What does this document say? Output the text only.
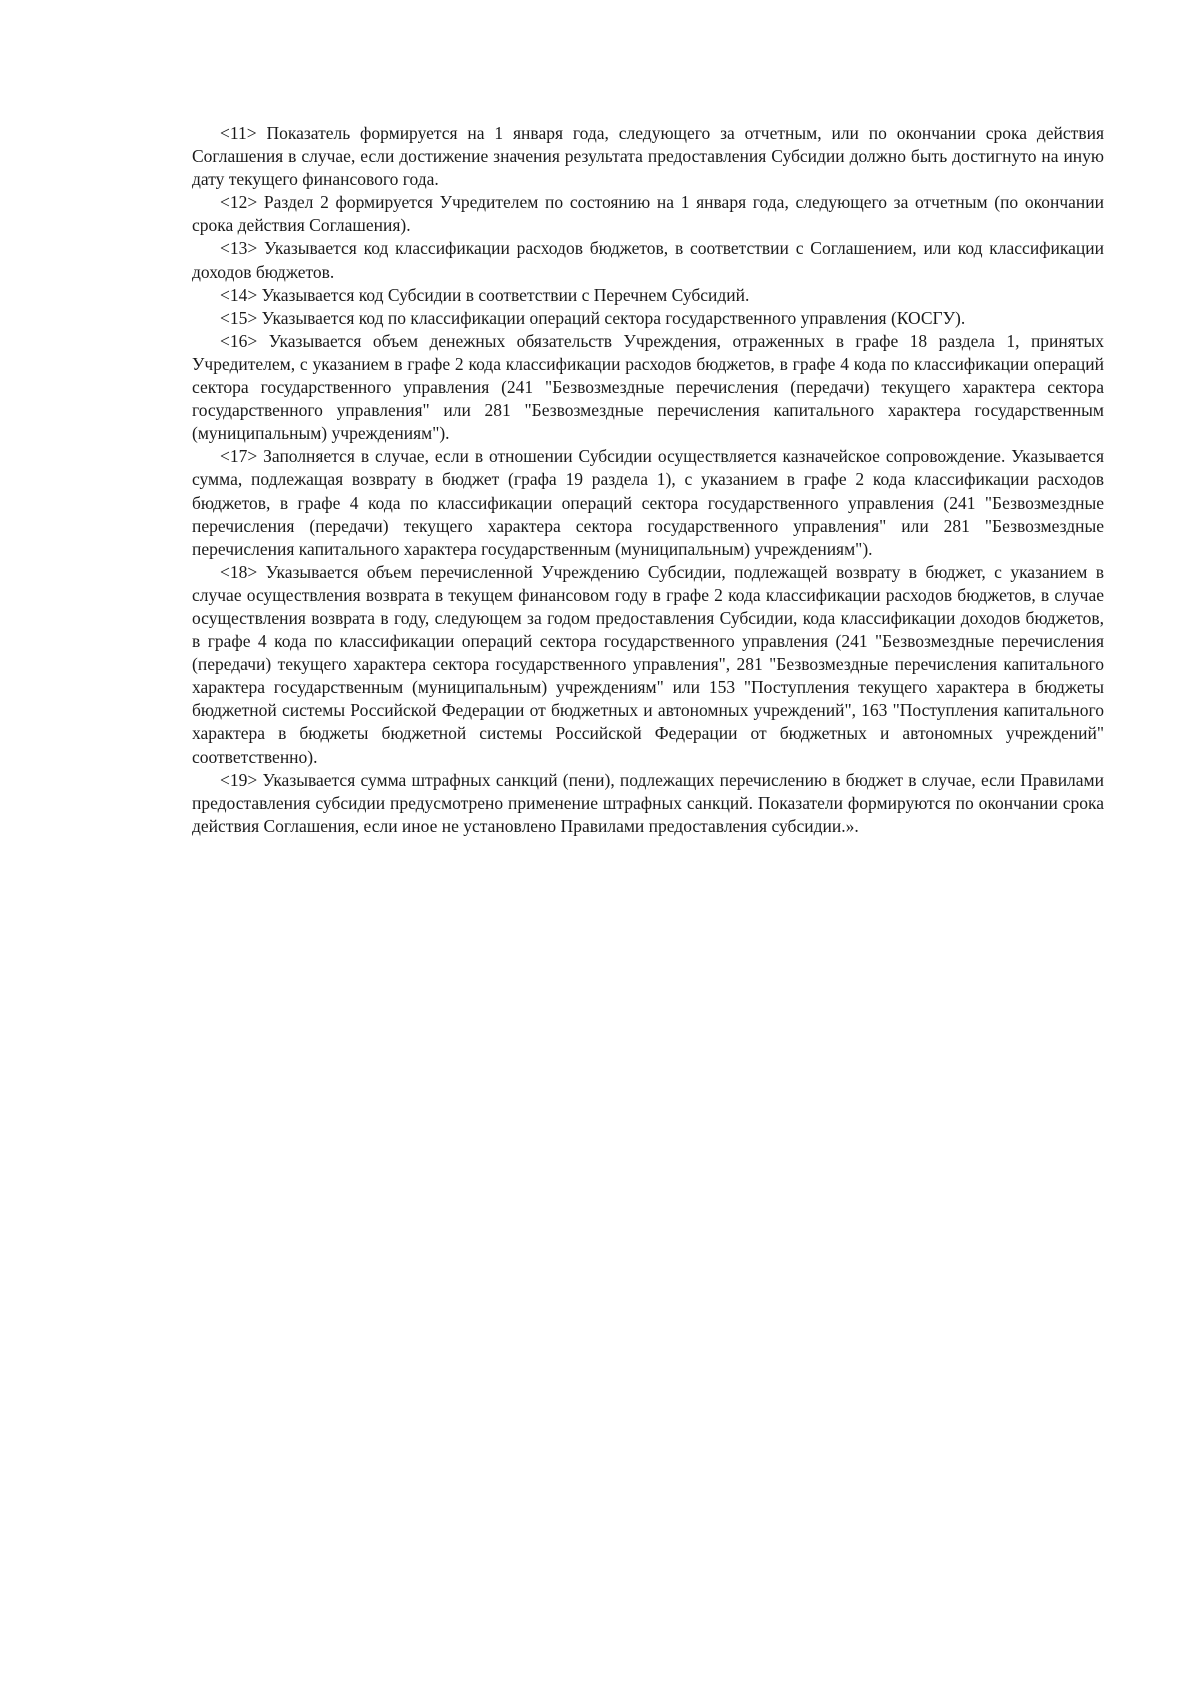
<11> Показатель формируется на 1 января года, следующего за отчетным, или по окончании срока действия Соглашения в случае, если достижение значения результата предоставления Субсидии должно быть достигнуто на иную дату текущего финансового года.

<12> Раздел 2 формируется Учредителем по состоянию на 1 января года, следующего за отчетным (по окончании срока действия Соглашения).

<13> Указывается код классификации расходов бюджетов, в соответствии с Соглашением, или код классификации доходов бюджетов.

<14> Указывается код Субсидии в соответствии с Перечнем Субсидий.

<15> Указывается код по классификации операций сектора государственного управления (КОСГУ).

<16> Указывается объем денежных обязательств Учреждения, отраженных в графе 18 раздела 1, принятых Учредителем, с указанием в графе 2 кода классификации расходов бюджетов, в графе 4 кода по классификации операций сектора государственного управления (241 "Безвозмездные перечисления (передачи) текущего характера сектора государственного управления" или 281 "Безвозмездные перечисления капитального характера государственным (муниципальным) учреждениям").

<17> Заполняется в случае, если в отношении Субсидии осуществляется казначейское сопровождение. Указывается сумма, подлежащая возврату в бюджет (графа 19 раздела 1), с указанием в графе 2 кода классификации расходов бюджетов, в графе 4 кода по классификации операций сектора государственного управления (241 "Безвозмездные перечисления (передачи) текущего характера сектора государственного управления" или 281 "Безвозмездные перечисления капитального характера государственным (муниципальным) учреждениям").

<18> Указывается объем перечисленной Учреждению Субсидии, подлежащей возврату в бюджет, с указанием в случае осуществления возврата в текущем финансовом году в графе 2 кода классификации расходов бюджетов, в случае осуществления возврата в году, следующем за годом предоставления Субсидии, кода классификации доходов бюджетов, в графе 4 кода по классификации операций сектора государственного управления (241 "Безвозмездные перечисления (передачи) текущего характера сектора государственного управления", 281 "Безвозмездные перечисления капитального характера государственным (муниципальным) учреждениям" или 153 "Поступления текущего характера в бюджеты бюджетной системы Российской Федерации от бюджетных и автономных учреждений", 163 "Поступления капитального характера в бюджеты бюджетной системы Российской Федерации от бюджетных и автономных учреждений" соответственно).

<19> Указывается сумма штрафных санкций (пени), подлежащих перечислению в бюджет в случае, если Правилами предоставления субсидии предусмотрено применение штрафных санкций. Показатели формируются по окончании срока действия Соглашения, если иное не установлено Правилами предоставления субсидии.».
